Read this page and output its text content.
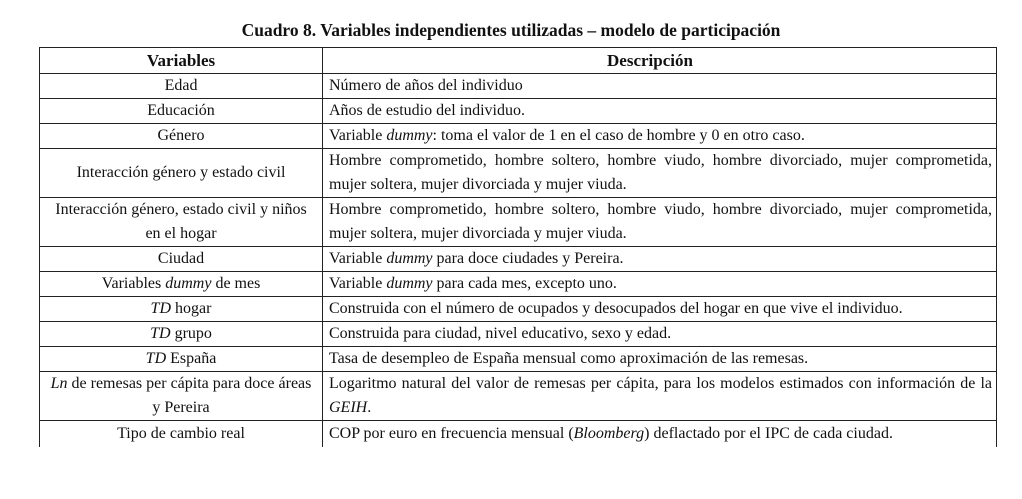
Cuadro 8. Variables independientes utilizadas – modelo de participación
Variables	Descripción
Edad	Número de años del individuo
Educación	Años de estudio del individuo.
Género	Variable dummy: toma el valor de 1 en el caso de hombre y 0 en otro caso.
Interacción género y estado civil	Hombre comprometido, hombre soltero, hombre viudo, hombre divorciado, mujer comprometida, mujer soltera, mujer divorciada y mujer viuda.
Interacción género, estado civil y niños en el hogar	Hombre comprometido, hombre soltero, hombre viudo, hombre divorciado, mujer comprometida, mujer soltera, mujer divorciada y mujer viuda.
Ciudad	Variable dummy para doce ciudades y Pereira.
Variables dummy de mes	Variable dummy para cada mes, excepto uno.
TD hogar	Construida con el número de ocupados y desocupados del hogar en que vive el individuo.
TD grupo	Construida para ciudad, nivel educativo, sexo y edad.
TD España	Tasa de desempleo de España mensual como aproximación de las remesas.
Ln de remesas per cápita para doce áreas y Pereira	Logaritmo natural del valor de remesas per cápita, para los modelos estimados con información de la GEIH.
Tipo de cambio real	COP por euro en frecuencia mensual (Bloomberg) deflactado por el IPC de cada ciudad.
